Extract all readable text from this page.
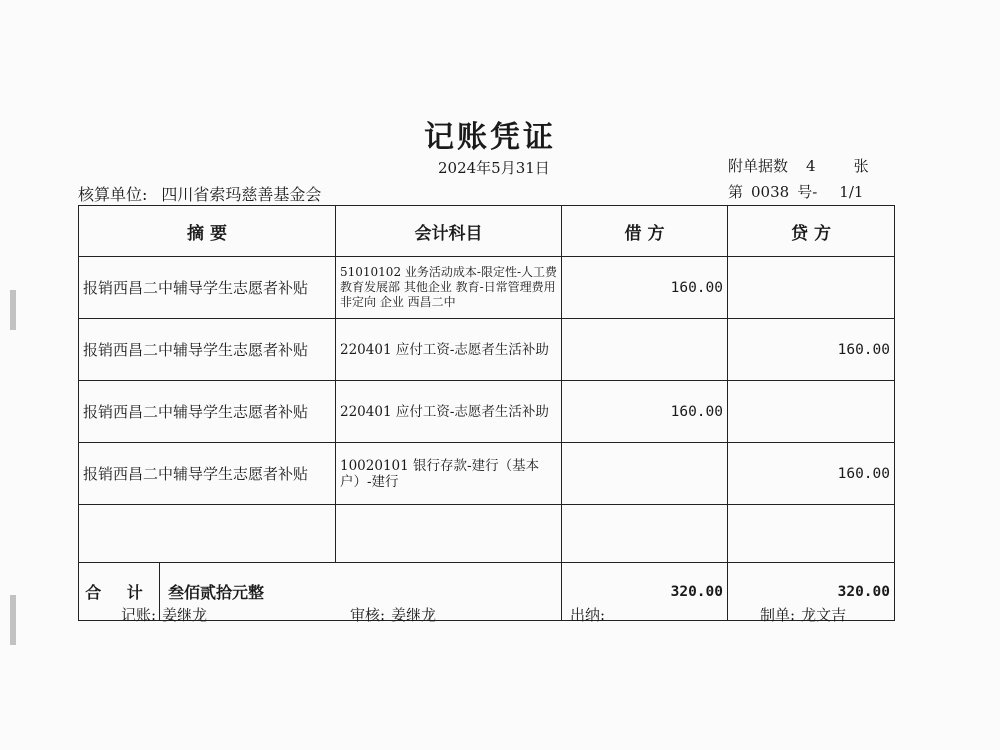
记账凭证
2024年5月31日	附单据数 4	张
核算单位: 四川省索玛慈善基金会	第 0038 号- 1/1
摘 要	会计科目	借 方	贷 方
报销西昌二中辅导学生志愿者补贴	51010102 业务活动成本-限定性-人工费 教育发展部 其他企业 教育-日常管理费用 非定向 企业 西昌二中	160.00	
报销西昌二中辅导学生志愿者补贴	220401 应付工资-志愿者生活补助		160.00
报销西昌二中辅导学生志愿者补贴	220401 应付工资-志愿者生活补助	160.00	
报销西昌二中辅导学生志愿者补贴	10020101 银行存款-建行（基本户）-建行		160.00

合 计 叁佰贰拾元整		320.00	320.00
记账: 姜继龙	审核: 姜继龙	出纳:	制单: 龙文吉
